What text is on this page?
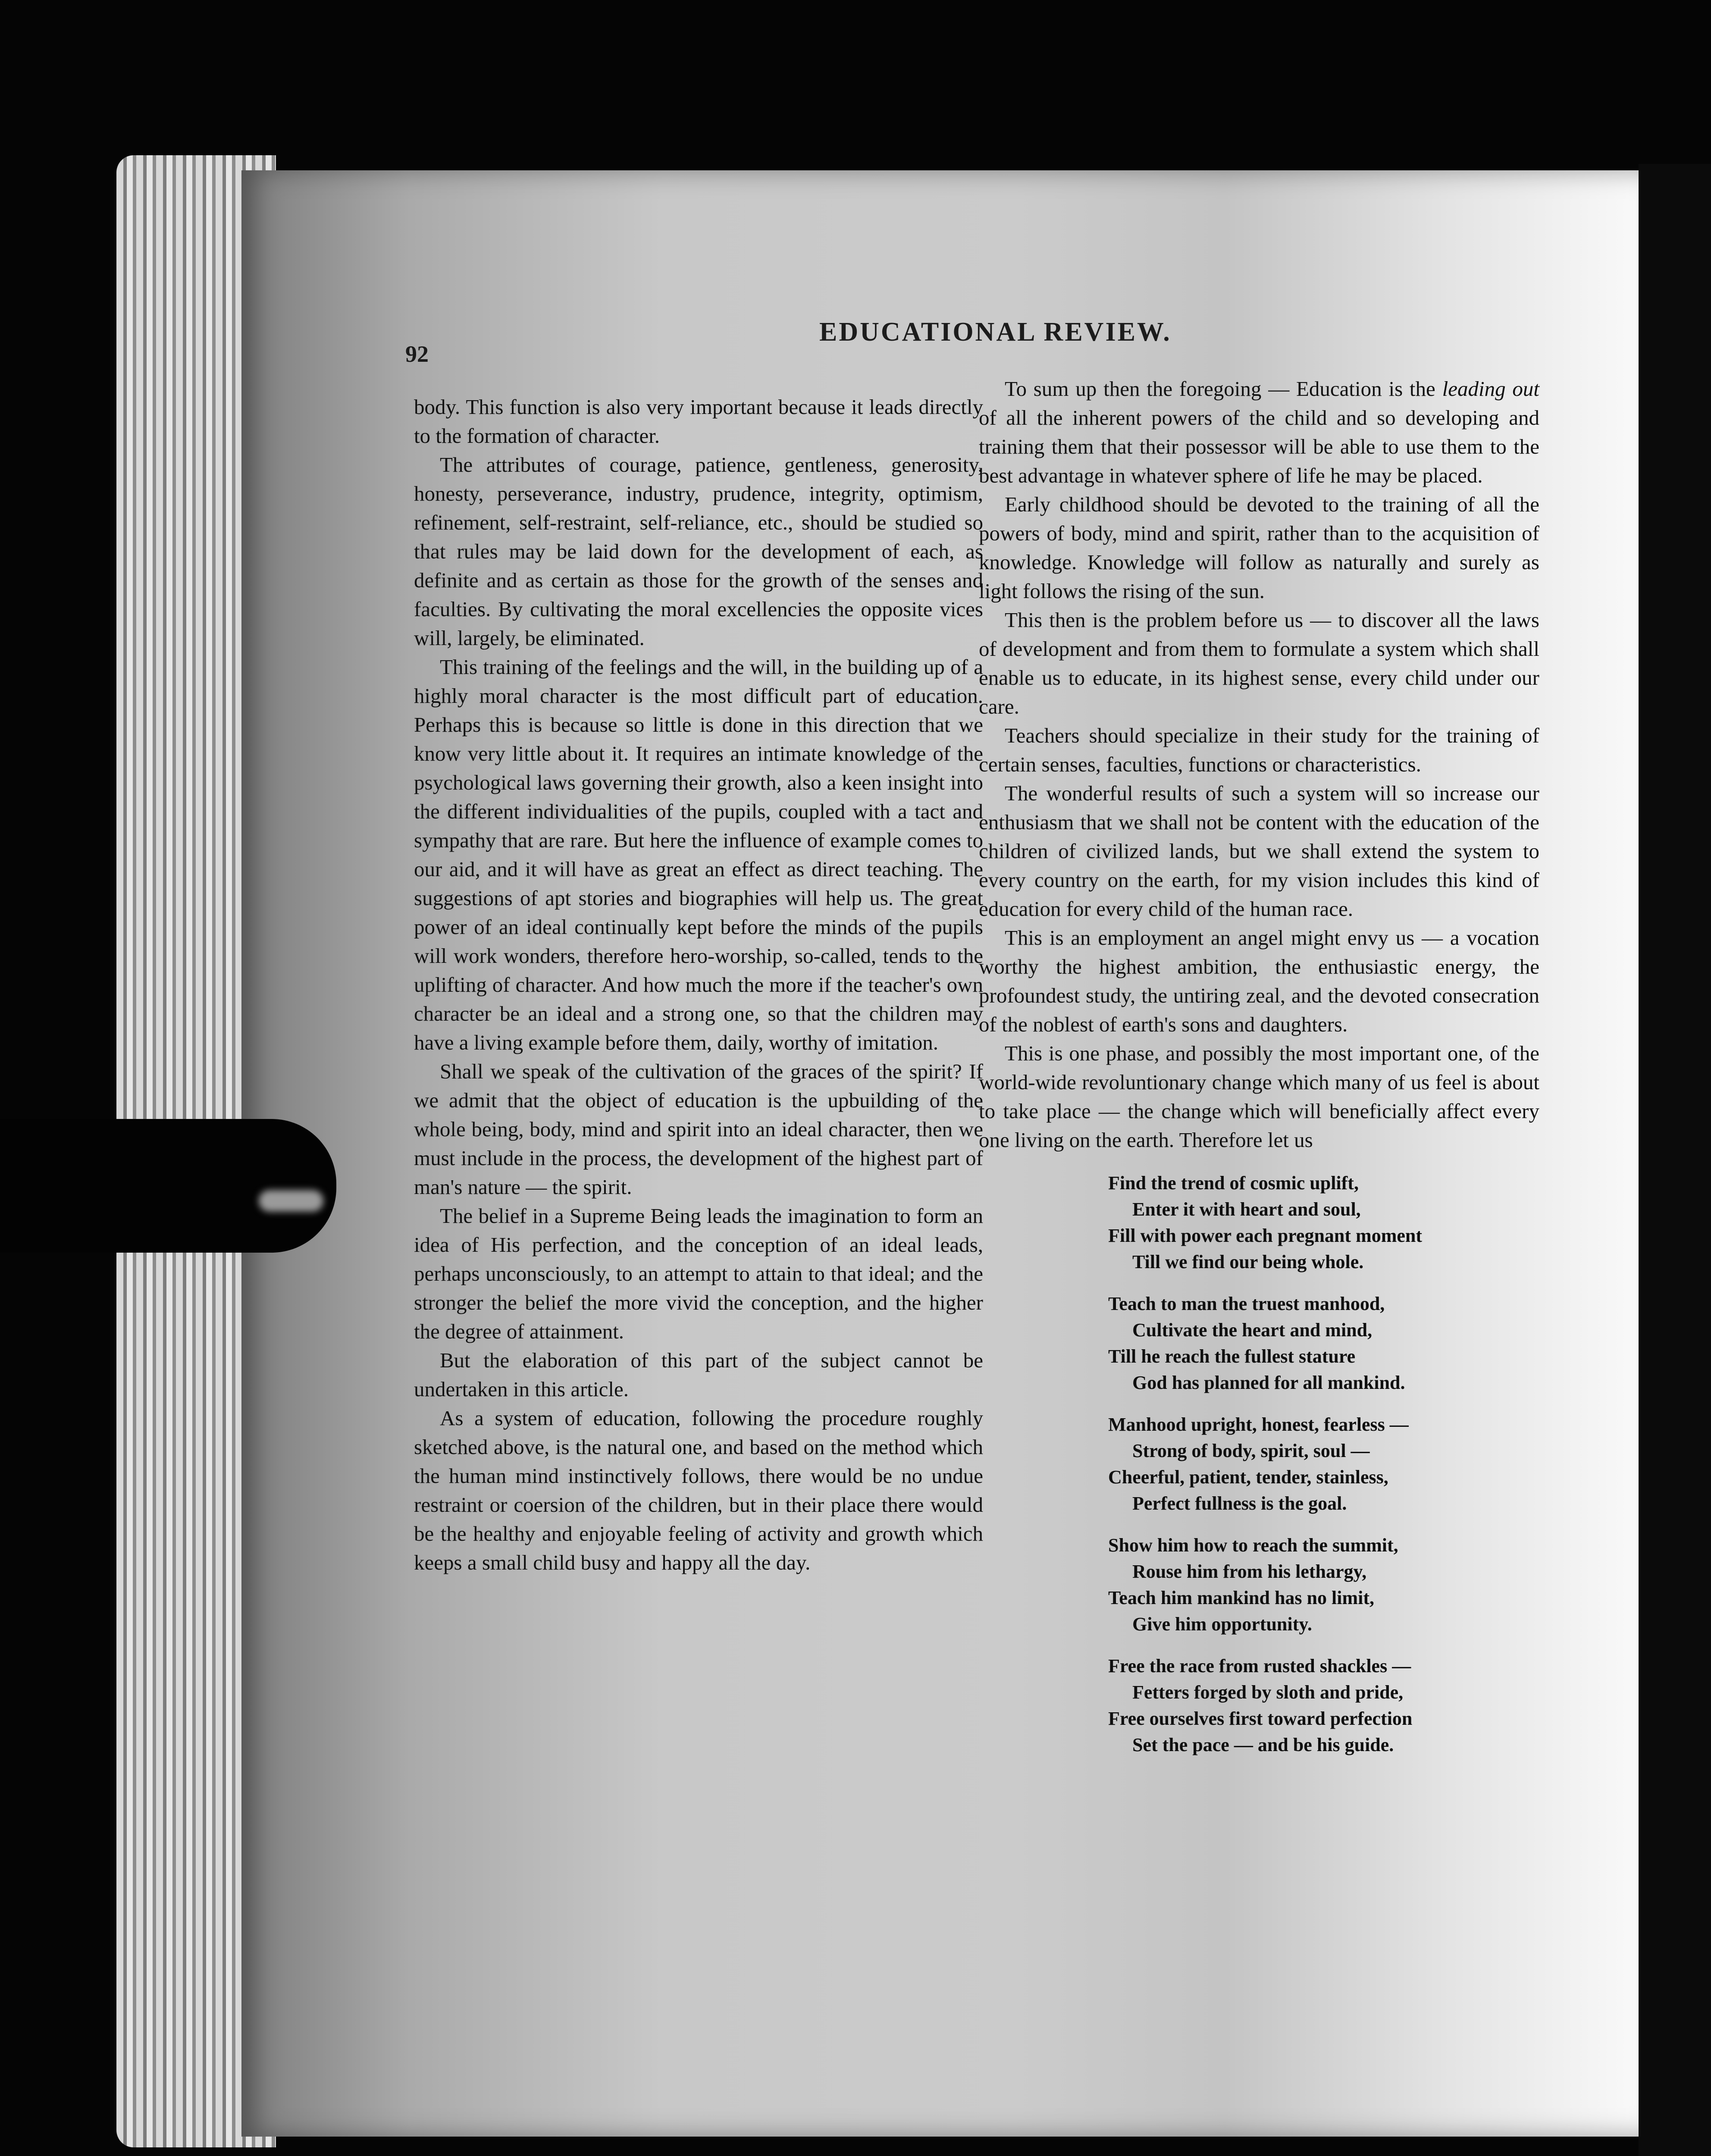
92
EDUCATIONAL REVIEW.

body. This function is also very important because it leads directly to the formation of character.

The attributes of courage, patience, gentleness, generosity, honesty, perseverance, industry, prudence, integrity, optimism, refinement, self-restraint, self-reliance, etc., should be studied so that rules may be laid down for the development of each, as definite and as certain as those for the growth of the senses and faculties. By cultivating the moral excellencies the opposite vices will, largely, be eliminated.

This training of the feelings and the will, in the building up of a highly moral character is the most difficult part of education. Perhaps this is because so little is done in this direction that we know very little about it. It requires an intimate knowledge of the psychological laws governing their growth, also a keen insight into the different individualities of the pupils, coupled with a tact and sympathy that are rare. But here the influence of example comes to our aid, and it will have as great an effect as direct teaching. The suggestions of apt stories and biographies will help us. The great power of an ideal continually kept before the minds of the pupils will work wonders, therefore hero-worship, so-called, tends to the uplifting of character. And how much the more if the teacher's own character be an ideal and a strong one, so that the children may have a living example before them, daily, worthy of imitation.

Shall we speak of the cultivation of the graces of the spirit? If we admit that the object of education is the upbuilding of the whole being, body, mind and spirit into an ideal character, then we must include in the process, the development of the highest part of man's nature — the spirit.

The belief in a Supreme Being leads the imagination to form an idea of His perfection, and the conception of an ideal leads, perhaps unconsciously, to an attempt to attain to that ideal; and the stronger the belief the more vivid the conception, and the higher the degree of attainment.

But the elaboration of this part of the subject cannot be undertaken in this article.

As a system of education, following the procedure roughly sketched above, is the natural one, and based on the method which the human mind instinctively follows, there would be no undue restraint or coersion of the children, but in their place there would be the healthy and enjoyable feeling of activity and growth which keeps a small child busy and happy all the day.

To sum up then the foregoing — Education is the leading out of all the inherent powers of the child and so developing and training them that their possessor will be able to use them to the best advantage in whatever sphere of life he may be placed.

Early childhood should be devoted to the training of all the powers of body, mind and spirit, rather than to the acquisition of knowledge. Knowledge will follow as naturally and surely as light follows the rising of the sun.

This then is the problem before us — to discover all the laws of development and from them to formulate a system which shall enable us to educate, in its highest sense, every child under our care.

Teachers should specialize in their study for the training of certain senses, faculties, functions or characteristics.

The wonderful results of such a system will so increase our enthusiasm that we shall not be content with the education of the children of civilized lands, but we shall extend the system to every country on the earth, for my vision includes this kind of education for every child of the human race.

This is an employment an angel might envy us — a vocation worthy the highest ambition, the enthusiastic energy, the profoundest study, the untiring zeal, and the devoted consecration of the noblest of earth's sons and daughters.

This is one phase, and possibly the most important one, of the world-wide revoluntionary change which many of us feel is about to take place — the change which will beneficially affect every one living on the earth. Therefore let us

Find the trend of cosmic uplift,
Enter it with heart and soul,
Fill with power each pregnant moment
Till we find our being whole.
Teach to man the truest manhood,
Cultivate the heart and mind,
Till he reach the fullest stature
God has planned for all mankind.
Manhood upright, honest, fearless —
Strong of body, spirit, soul —
Cheerful, patient, tender, stainless,
Perfect fullness is the goal.
Show him how to reach the summit,
Rouse him from his lethargy,
Teach him mankind has no limit,
Give him opportunity.
Free the race from rusted shackles —
Fetters forged by sloth and pride,
Free ourselves first toward perfection
Set the pace — and be his guide.
